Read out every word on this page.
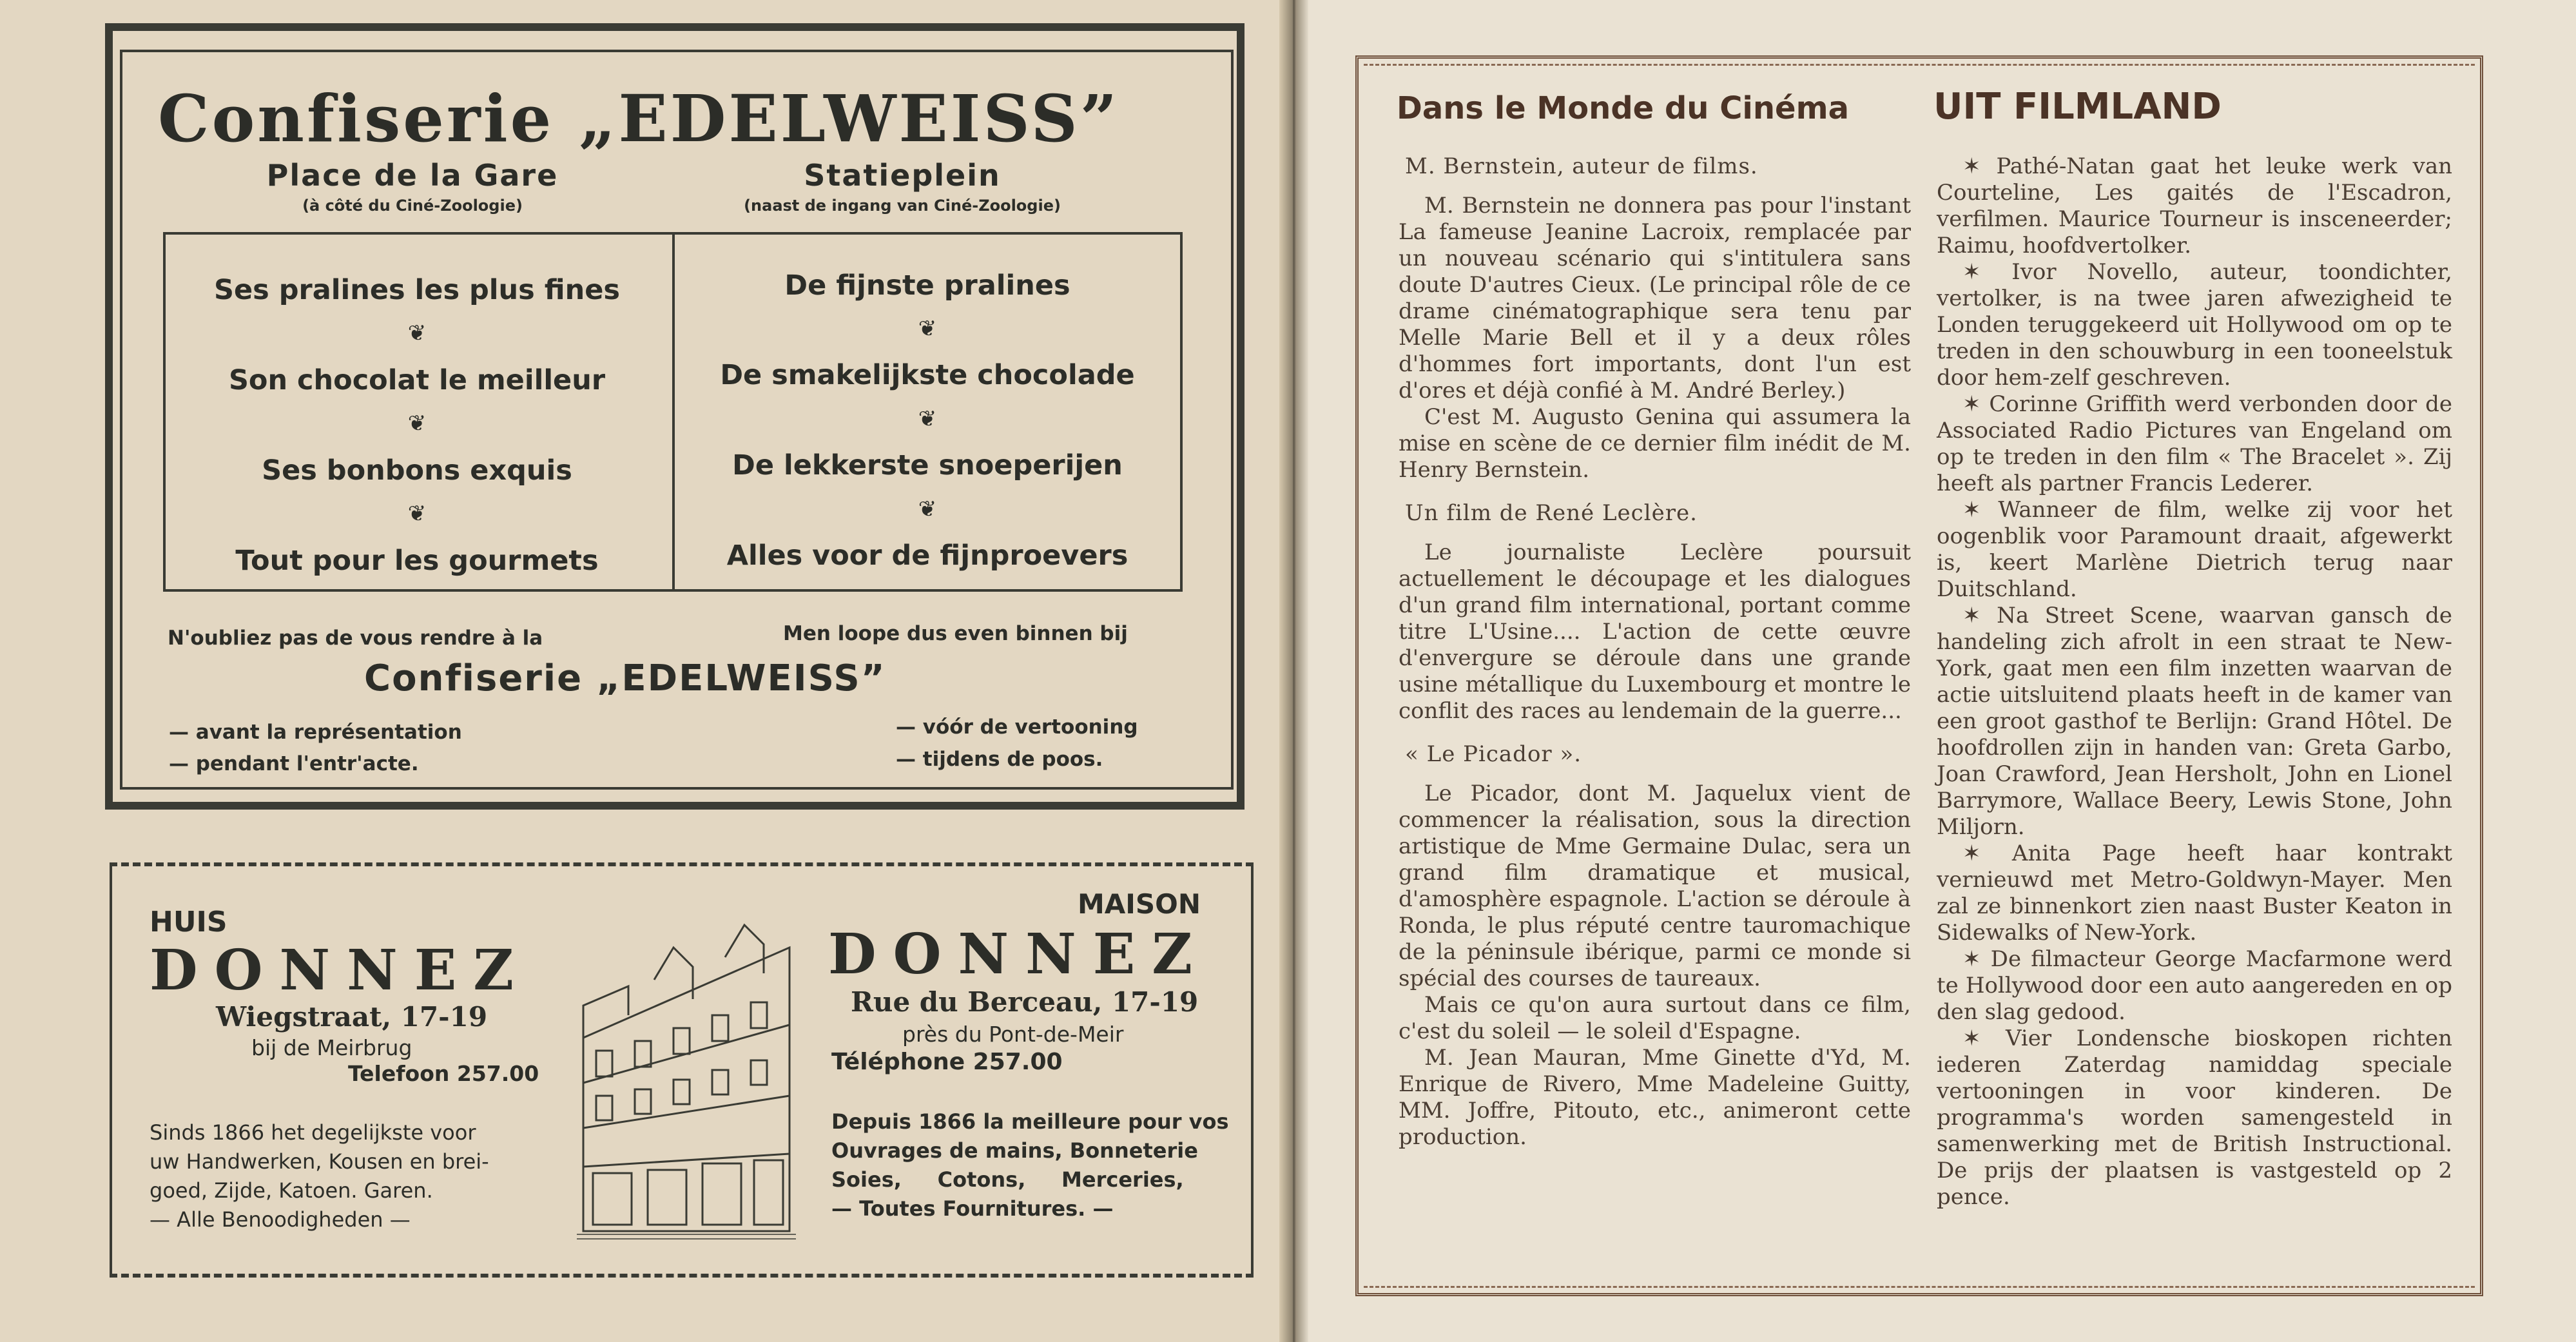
Confiserie „EDELWEISS”
Place de la Gare
(à côté du Ciné-Zoologie)
Statieplein
(naast de ingang van Ciné-Zoologie)
Ses pralines les plus fines
❦
Son chocolat le meilleur
❦
Ses bonbons exquis
❦
Tout pour les gourmets
De fijnste pralines
❦
De smakelijkste chocolade
❦
De lekkerste snoeperijen
❦
Alles voor de fijnproevers
N'oubliez pas de vous rendre à la	Men loope dus even binnen bij
Confiserie „EDELWEISS”
— avant la représentation
— pendant l'entr'acte.
— vóór de vertooning
— tijdens de poos.
HUIS
DONNEZ
Wiegstraat, 17-19
bij de Meirbrug
Telefoon 257.00
Sinds 1866 het degelijkste voor
uw Handwerken, Kousen en brei-
goed, Zijde, Katoen. Garen.
— Alle Benoodigheden —
MAISON
DONNEZ
Rue du Berceau, 17-19
près du Pont-de-Meir
Téléphone 257.00
Depuis 1866 la meilleure pour vos
Ouvrages de mains, Bonneterie
Soies,     Cotons,     Merceries,
— Toutes Fournitures. —
Dans le Monde du Cinéma UIT FILMLAND

M. Bernstein, auteur de films.

M. Bernstein ne donnera pas pour l'instant La fameuse Jeanine Lacroix, remplacée par un nouveau scénario qui s'intitulera sans doute D'autres Cieux. (Le principal rôle de ce drame cinématographique sera tenu par Melle Marie Bell et il y a deux rôles d'hommes fort importants, dont l'un est d'ores et déjà confié à M. André Berley.)

C'est M. Augusto Genina qui assumera la mise en scène de ce dernier film inédit de M. Henry Bernstein.

Un film de René Leclère.

Le journaliste Leclère poursuit actuellement le découpage et les dialogues d'un grand film international, portant comme titre L'Usine.... L'action de cette œuvre d'envergure se déroule dans une grande usine métallique du Luxembourg et montre le conflit des races au lendemain de la guerre...

« Le Picador ».

Le Picador, dont M. Jaquelux vient de commencer la réalisation, sous la direction artistique de Mme Germaine Dulac, sera un grand film dramatique et musical, d'amosphère espagnole. L'action se déroule à Ronda, le plus réputé centre tauromachique de la péninsule ibérique, parmi ce monde si spécial des courses de taureaux.

Mais ce qu'on aura surtout dans ce film, c'est du soleil — le soleil d'Espagne.

M. Jean Mauran, Mme Ginette d'Yd, M. Enrique de Rivero, Mme Madeleine Guitty, MM. Joffre, Pitouto, etc., animeront cette production.

✶ Pathé-Natan gaat het leuke werk van Courteline, Les gaités de l'Escadron, verfilmen. Maurice Tourneur is insceneerder; Raimu, hoofdvertolker.

✶ Ivor Novello, auteur, toondichter, vertolker, is na twee jaren afwezigheid te Londen teruggekeerd uit Hollywood om op te treden in den schouwburg in een tooneelstuk door hem-zelf geschreven.

✶ Corinne Griffith werd verbonden door de Associated Radio Pictures van Engeland om op te treden in den film « The Bracelet ». Zij heeft als partner Francis Lederer.

✶ Wanneer de film, welke zij voor het oogenblik voor Paramount draait, afgewerkt is, keert Marlène Dietrich terug naar Duitschland.

✶ Na Street Scene, waarvan gansch de handeling zich afrolt in een straat te New-York, gaat men een film inzetten waarvan de actie uitsluitend plaats heeft in de kamer van een groot gasthof te Berlijn: Grand Hôtel. De hoofdrollen zijn in handen van: Greta Garbo, Joan Crawford, Jean Hersholt, John en Lionel Barrymore, Wallace Beery, Lewis Stone, John Miljorn.

✶ Anita Page heeft haar kontrakt vernieuwd met Metro-Goldwyn-Mayer. Men zal ze binnenkort zien naast Buster Keaton in Sidewalks of New-York.

✶ De filmacteur George Macfarmone werd te Hollywood door een auto aangereden en op den slag gedood.

✶ Vier Londensche bioskopen richten iederen Zaterdag namiddag speciale vertooningen in voor kinderen. De programma's worden samengesteld in samenwerking met de British Instructional. De prijs der plaatsen is vastgesteld op 2 pence.
